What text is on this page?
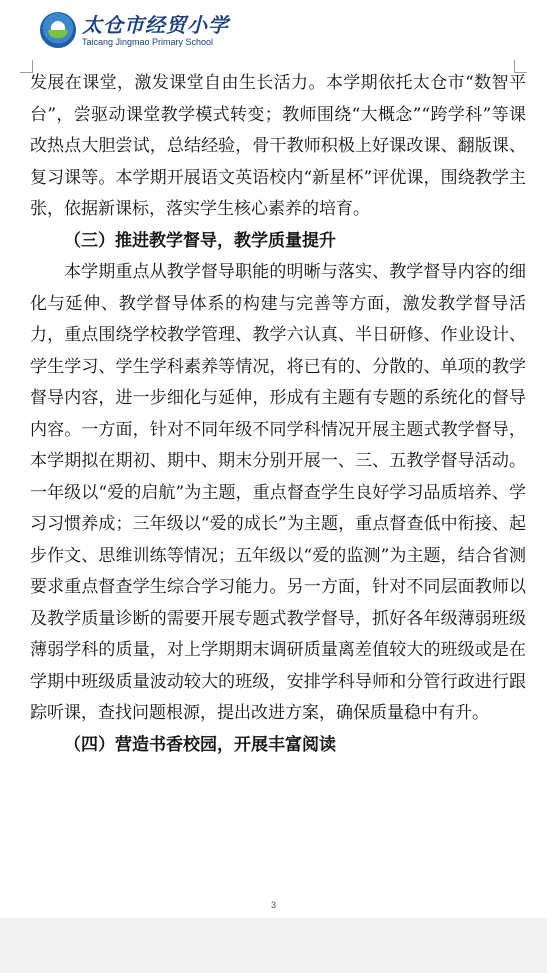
太仓市经贸小学
Taicang Jingmao Primary School

发展在课堂，激发课堂自由生长活力。本学期依托太仓市“数智平台”，尝驱动课堂教学模式转变；教师围绕“大概念”“跨学科”等课改热点大胆尝试，总结经验，骨干教师积极上好课改课、翻版课、复习课等。本学期开展语文英语校内“新星杯”评优课，围绕教学主张，依据新课标，落实学生核心素养的培育。

（三）推进教学督导，教学质量提升

本学期重点从教学督导职能的明晰与落实、教学督导内容的细化与延伸、教学督导体系的构建与完善等方面，激发教学督导活力，重点围绕学校教学管理、教学六认真、半日研修、作业设计、学生学习、学生学科素养等情况，将已有的、分散的、单项的教学督导内容，进一步细化与延伸，形成有主题有专题的系统化的督导内容。一方面，针对不同年级不同学科情况开展主题式教学督导，本学期拟在期初、期中、期末分别开展一、三、五教学督导活动。一年级以“爱的启航”为主题，重点督查学生良好学习品质培养、学习习惯养成；三年级以“爱的成长”为主题，重点督查低中衔接、起步作文、思维训练等情况；五年级以“爱的监测”为主题，结合省测要求重点督查学生综合学习能力。另一方面，针对不同层面教师以及教学质量诊断的需要开展专题式教学督导，抓好各年级薄弱班级薄弱学科的质量，对上学期期末调研质量离差值较大的班级或是在学期中班级质量波动较大的班级，安排学科导师和分管行政进行跟踪听课，查找问题根源，提出改进方案，确保质量稳中有升。

（四）营造书香校园，开展丰富阅读

3
